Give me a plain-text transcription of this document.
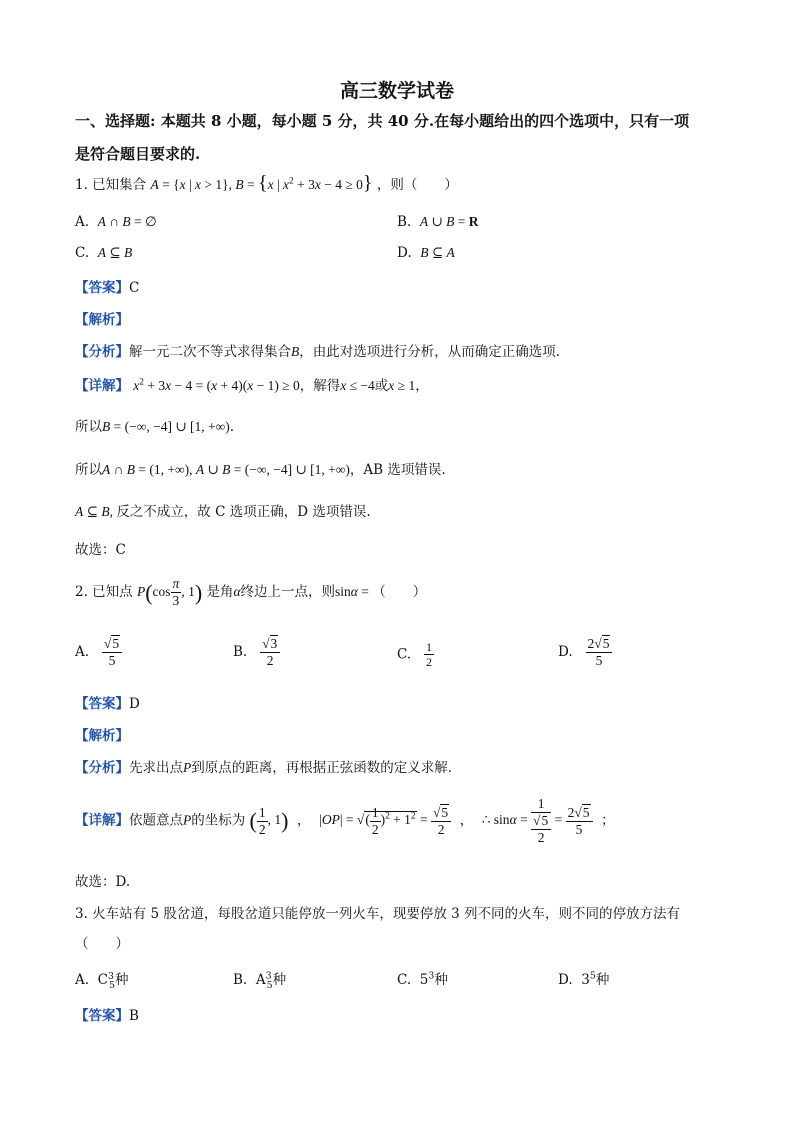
高三数学试卷
一、选择题: 本题共 8 小题，每小题 5 分，共 40 分.在每小题给出的四个选项中，只有一项
是符合题目要求的.
1. 已知集合 A = {x | x > 1}, B = {x | $x^2 + 3x - 4 \ge 0$} ，则（　　）
A. A ∩ B = ∅	B. A ∪ B = R
C. A ⊆ B	D. B ⊆ A
【答案】C
【解析】
【分析】解一元二次不等式求得集合B，由此对选项进行分析，从而确定正确选项.
【详解】 $x^2 + 3x - 4 = (x + 4)(x - 1) \ge 0$，解得x ≤ −4或x ≥ 1，
所以B = (−∞, −4] ∪ [1, +∞).
所以A ∩ B = (1, +∞), A ∪ B = (−∞, −4] ∪ [1, +∞)，AB 选项错误.
A ⊆ B, 反之不成立，故 C 选项正确，D 选项错误.
故选：C
2. 已知点 $P(\cos \frac{\pi}{3}$ , 1) 是角α终边上一点，则sinα = （　　）
A. $\frac{√5}{5}$	B. $\frac{√3}{2}$	C. $\frac{1}{2}$	D. $\frac{2√5}{5}$
【答案】D
【解析】
【分析】先求出点P到原点的距离，再根据正弦函数的定义求解.
【详解】依题意点P的坐标为 ( $\frac{1}{2}$ , 1)  ，  |OP| = √( $\frac{1}{2} )^2 + 1^2 = \frac{√5}{2}$ ，  ∴ $\sin\alpha = \frac{1}{\frac{√5}{2}} = \frac{2√5}{5}$ ；
故选：D.
3. 火车站有 5 股岔道，每股岔道只能停放一列火车，现要停放 3 列不同的火车，则不同的停放方法有
（　　）
A. $C^3_5$种	B. $A^3_5$种	C. $5^3$种	D. $3^5$种
【答案】B
